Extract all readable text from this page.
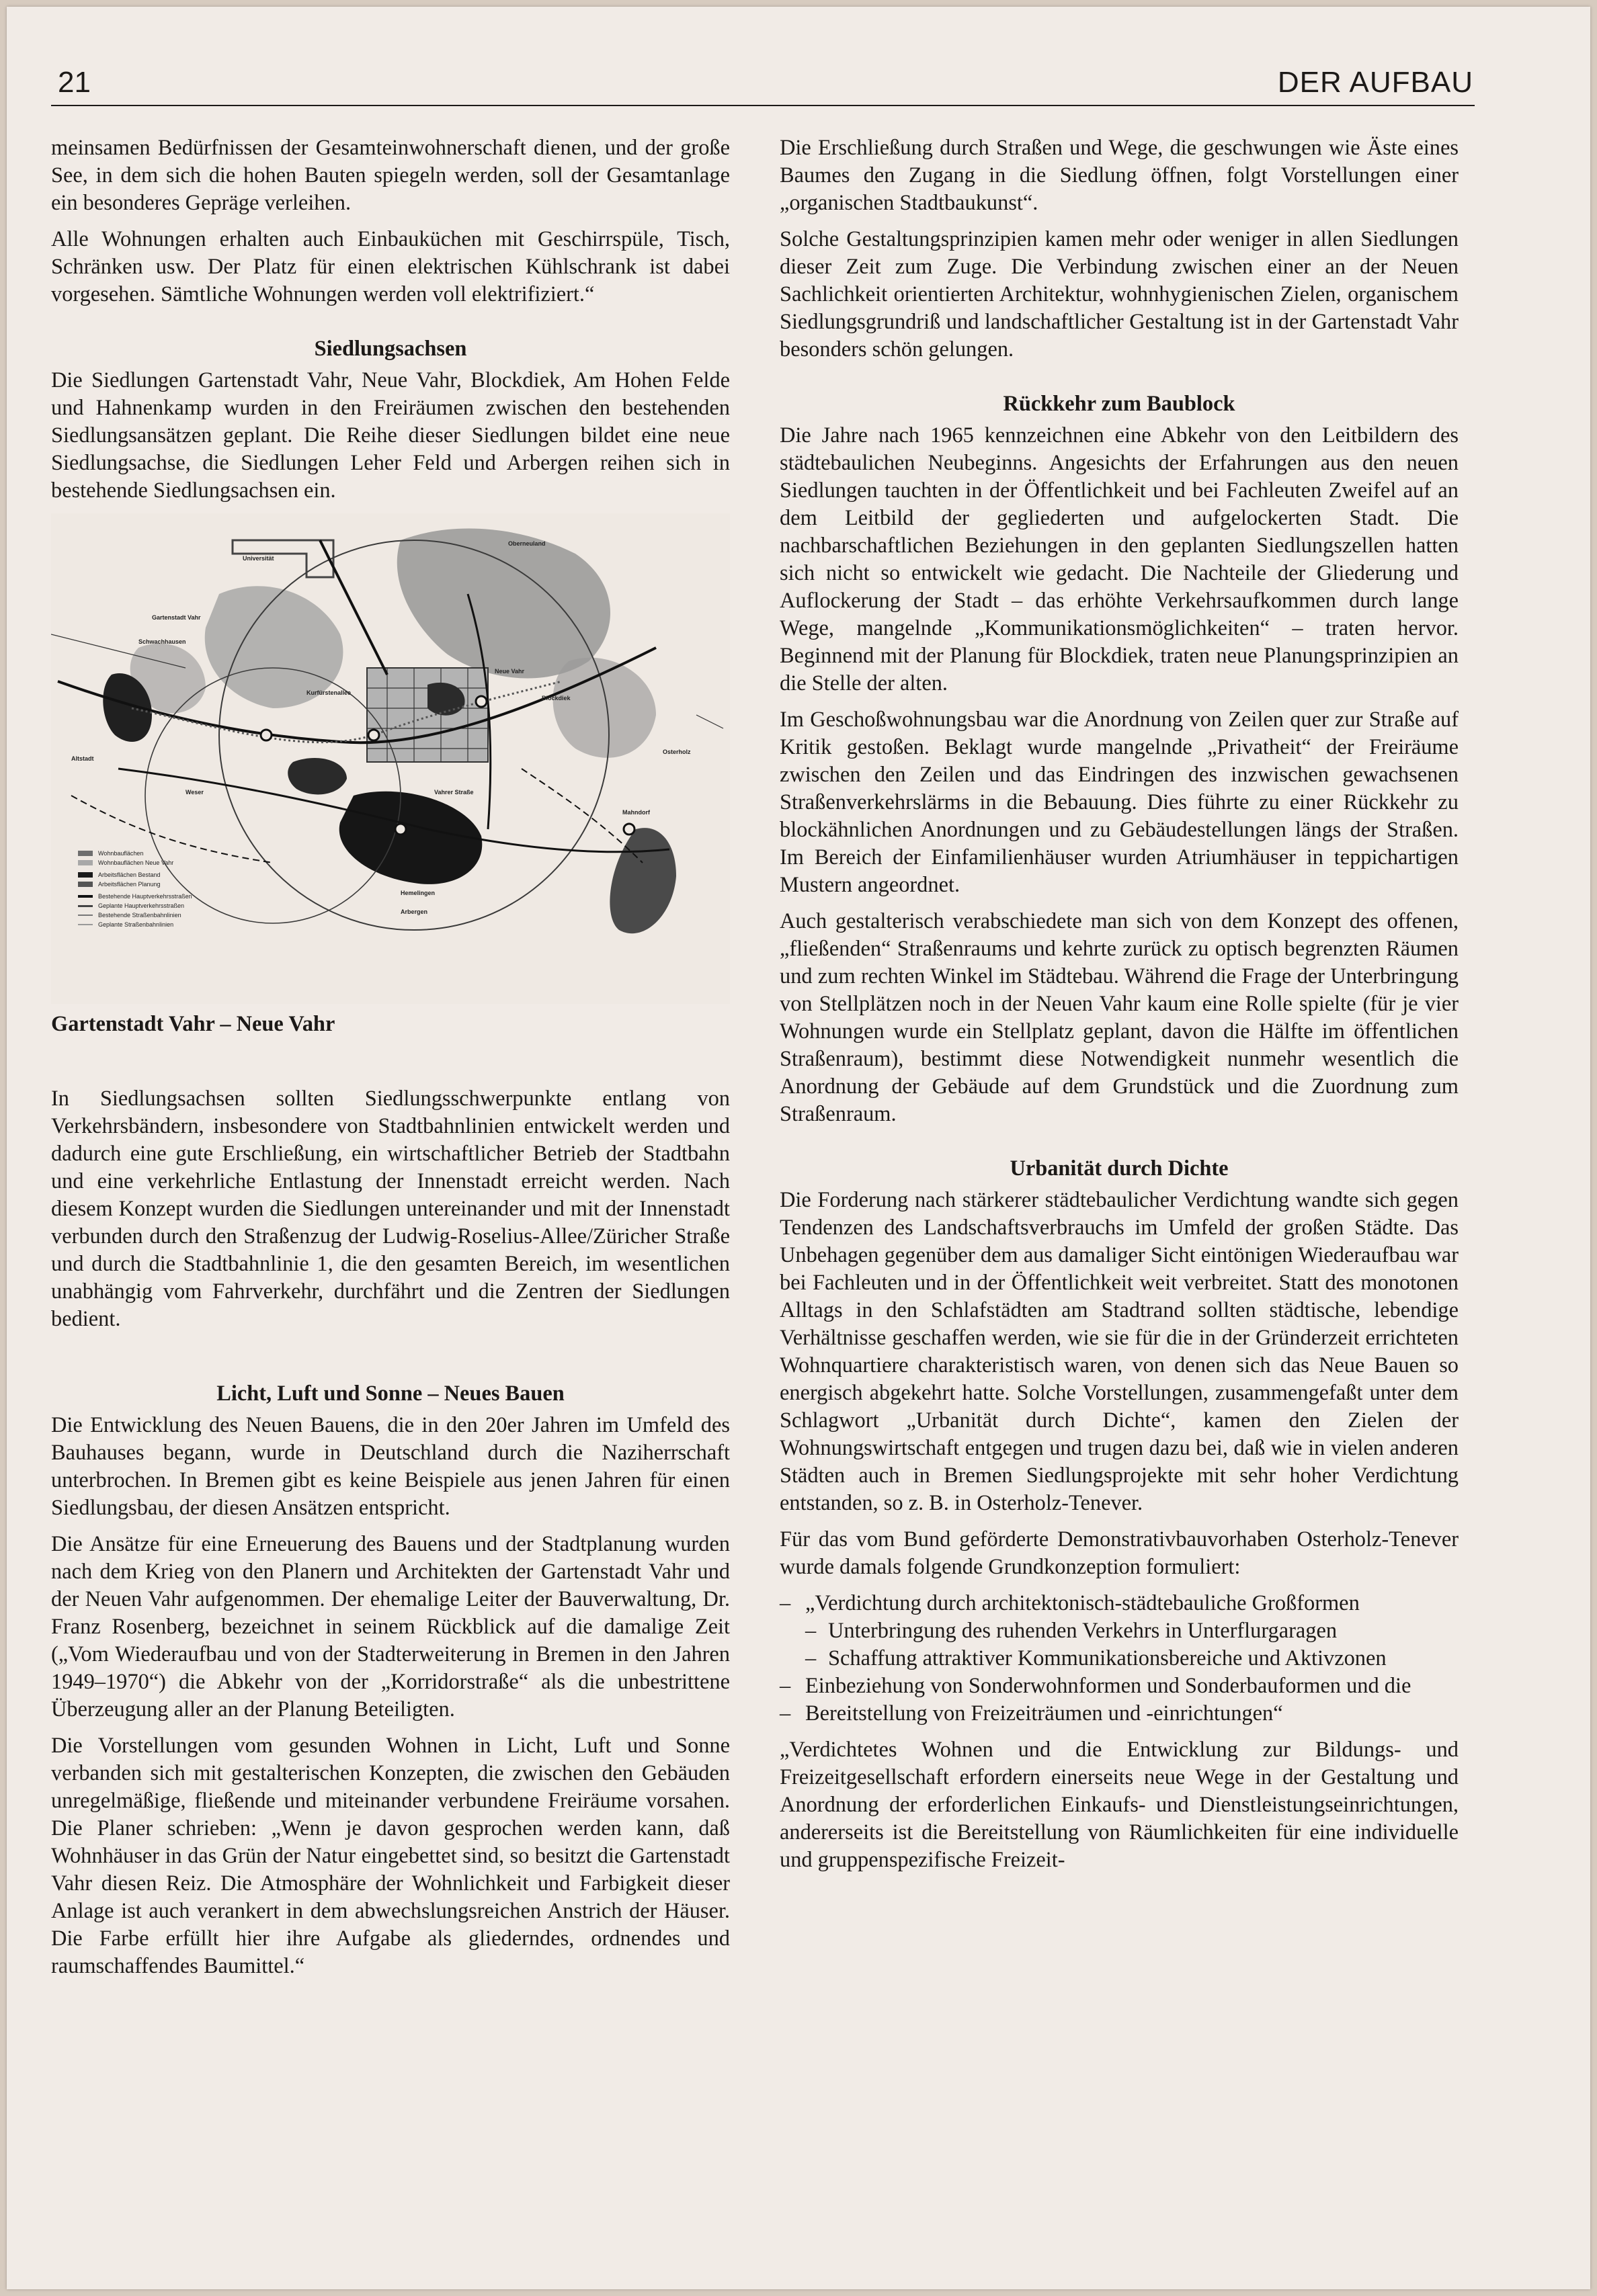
21	DER AUFBAU

meinsamen Bedürfnissen der Gesamteinwohnerschaft dienen, und der große See, in dem sich die hohen Bauten spiegeln werden, soll der Gesamtanlage ein besonderes Gepräge verleihen.

Alle Wohnungen erhalten auch Einbauküchen mit Geschirrspüle, Tisch, Schränken usw. Der Platz für einen elektrischen Kühlschrank ist dabei vorgesehen. Sämtliche Wohnungen werden voll elektrifiziert.“

Siedlungsachsen

Die Siedlungen Gartenstadt Vahr, Neue Vahr, Blockdiek, Am Hohen Felde und Hahnenkamp wurden in den Freiräumen zwischen den bestehenden Siedlungsansätzen geplant. Die Reihe dieser Siedlungen bildet eine neue Siedlungsachse, die Siedlungen Leher Feld und Arbergen reihen sich in bestehende Siedlungsachsen ein.

Universität
Oberneuland
Neue Vahr
Blockdiek
Osterholz
Vahrer Straße
Gartenstadt Vahr
Kurfürstenallee
Weser
Altstadt
Hemelingen
Arbergen
Mahndorf
Schwachhausen
Wohnbauflächen
Wohnbauflächen Neue Vahr
Arbeitsflächen Bestand
Arbeitsflächen Planung
Bestehende Hauptverkehrsstraßen
Geplante Hauptverkehrsstraßen
Bestehende Straßenbahnlinien
Geplante Straßenbahnlinien
Gartenstadt Vahr – Neue Vahr

In Siedlungsachsen sollten Siedlungsschwerpunkte entlang von Verkehrsbändern, insbesondere von Stadtbahnlinien entwickelt werden und dadurch eine gute Erschließung, ein wirtschaftlicher Betrieb der Stadtbahn und eine verkehrliche Entlastung der Innenstadt erreicht werden. Nach diesem Konzept wurden die Siedlungen untereinander und mit der Innenstadt verbunden durch den Straßenzug der Ludwig-Roselius-Allee/Züricher Straße und durch die Stadtbahnlinie 1, die den gesamten Bereich, im wesentlichen unabhängig vom Fahrverkehr, durchfährt und die Zentren der Siedlungen bedient.

Licht, Luft und Sonne – Neues Bauen

Die Entwicklung des Neuen Bauens, die in den 20er Jahren im Umfeld des Bauhauses begann, wurde in Deutschland durch die Naziherrschaft unterbrochen. In Bremen gibt es keine Beispiele aus jenen Jahren für einen Siedlungsbau, der diesen Ansätzen entspricht.

Die Ansätze für eine Erneuerung des Bauens und der Stadtplanung wurden nach dem Krieg von den Planern und Architekten der Gartenstadt Vahr und der Neuen Vahr aufgenommen. Der ehemalige Leiter der Bauverwaltung, Dr. Franz Rosenberg, bezeichnet in seinem Rückblick auf die damalige Zeit („Vom Wiederaufbau und von der Stadterweiterung in Bremen in den Jahren 1949–1970“) die Abkehr von der „Korridorstraße“ als die unbestrittene Überzeugung aller an der Planung Beteiligten.

Die Vorstellungen vom gesunden Wohnen in Licht, Luft und Sonne verbanden sich mit gestalterischen Konzepten, die zwischen den Gebäuden unregelmäßige, fließende und miteinander verbundene Freiräume vorsahen. Die Planer schrieben: „Wenn je davon gesprochen werden kann, daß Wohnhäuser in das Grün der Natur eingebettet sind, so besitzt die Gartenstadt Vahr diesen Reiz. Die Atmosphäre der Wohnlichkeit und Farbigkeit dieser Anlage ist auch verankert in dem abwechslungsreichen Anstrich der Häuser. Die Farbe erfüllt hier ihre Aufgabe als gliederndes, ordnendes und raumschaffendes Baumittel.“

Die Erschließung durch Straßen und Wege, die geschwungen wie Äste eines Baumes den Zugang in die Siedlung öffnen, folgt Vorstellungen einer „organischen Stadtbaukunst“.

Solche Gestaltungsprinzipien kamen mehr oder weniger in allen Siedlungen dieser Zeit zum Zuge. Die Verbindung zwischen einer an der Neuen Sachlichkeit orientierten Architektur, wohnhygienischen Zielen, organischem Siedlungsgrundriß und landschaftlicher Gestaltung ist in der Gartenstadt Vahr besonders schön gelungen.

Rückkehr zum Baublock

Die Jahre nach 1965 kennzeichnen eine Abkehr von den Leitbildern des städtebaulichen Neubeginns. Angesichts der Erfahrungen aus den neuen Siedlungen tauchten in der Öffentlichkeit und bei Fachleuten Zweifel auf an dem Leitbild der gegliederten und aufgelockerten Stadt. Die nachbarschaftlichen Beziehungen in den geplanten Siedlungszellen hatten sich nicht so entwickelt wie gedacht. Die Nachteile der Gliederung und Auflockerung der Stadt – das erhöhte Verkehrsaufkommen durch lange Wege, mangelnde „Kommunikationsmöglichkeiten“ – traten hervor. Beginnend mit der Planung für Blockdiek, traten neue Planungsprinzipien an die Stelle der alten.

Im Geschoßwohnungsbau war die Anordnung von Zeilen quer zur Straße auf Kritik gestoßen. Beklagt wurde mangelnde „Privatheit“ der Freiräume zwischen den Zeilen und das Eindringen des inzwischen gewachsenen Straßenverkehrslärms in die Bebauung. Dies führte zu einer Rückkehr zu blockähnlichen Anordnungen und zu Gebäudestellungen längs der Straßen. Im Bereich der Einfamilienhäuser wurden Atriumhäuser in teppichartigen Mustern angeordnet.

Auch gestalterisch verabschiedete man sich von dem Konzept des offenen, „fließenden“ Straßenraums und kehrte zurück zu optisch begrenzten Räumen und zum rechten Winkel im Städtebau. Während die Frage der Unterbringung von Stellplätzen noch in der Neuen Vahr kaum eine Rolle spielte (für je vier Wohnungen wurde ein Stellplatz geplant, davon die Hälfte im öffentlichen Straßenraum), bestimmt diese Notwendigkeit nunmehr wesentlich die Anordnung der Gebäude auf dem Grundstück und die Zuordnung zum Straßenraum.

Urbanität durch Dichte

Die Forderung nach stärkerer städtebaulicher Verdichtung wandte sich gegen Tendenzen des Landschaftsverbrauchs im Umfeld der großen Städte. Das Unbehagen gegenüber dem aus damaliger Sicht eintönigen Wiederaufbau war bei Fachleuten und in der Öffentlichkeit weit verbreitet. Statt des monotonen Alltags in den Schlafstädten am Stadtrand sollten städtische, lebendige Verhältnisse geschaffen werden, wie sie für die in der Gründerzeit errichteten Wohnquartiere charakteristisch waren, von denen sich das Neue Bauen so energisch abgekehrt hatte. Solche Vorstellungen, zusammengefaßt unter dem Schlagwort „Urbanität durch Dichte“, kamen den Zielen der Wohnungswirtschaft entgegen und trugen dazu bei, daß wie in vielen anderen Städten auch in Bremen Siedlungsprojekte mit sehr hoher Verdichtung entstanden, so z. B. in Osterholz-Tenever.

Für das vom Bund geförderte Demonstrativbauvorhaben Osterholz-Tenever wurde damals folgende Grundkonzeption formuliert:

– „Verdichtung durch architektonisch-städtebauliche Großformen
– Unterbringung des ruhenden Verkehrs in Unterflurgaragen
– Schaffung attraktiver Kommunikationsbereiche und Aktivzonen
– Einbeziehung von Sonderwohnformen und Sonderbauformen und die
– Bereitstellung von Freizeiträumen und -einrichtungen“

„Verdichtetes Wohnen und die Entwicklung zur Bildungs- und Freizeitgesellschaft erfordern einerseits neue Wege in der Gestaltung und Anordnung der erforderlichen Einkaufs- und Dienstleistungseinrichtungen, andererseits ist die Bereitstellung von Räumlichkeiten für eine individuelle und gruppenspezifische Freizeit-
